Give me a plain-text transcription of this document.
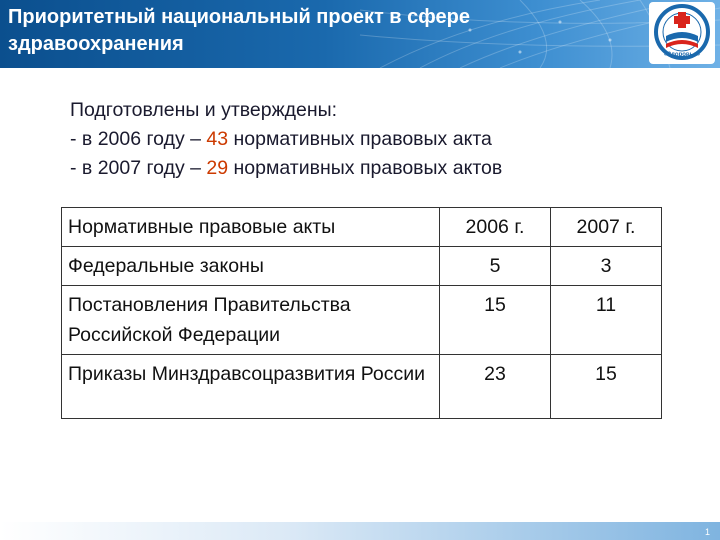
Приоритетный национальный проект в сфере
здравоохранения	«Здоровье»
Подготовлены и утверждены:
- в 2006 году – 43 нормативных правовых акта
- в 2007 году – 29 нормативных правовых актов
Нормативные правовые акты	2006 г.	2007 г.
Федеральные законы	5	3
Постановления Правительства Российской Федерации	15	11
Приказы Минздравсоцразвития России	23	15
1
